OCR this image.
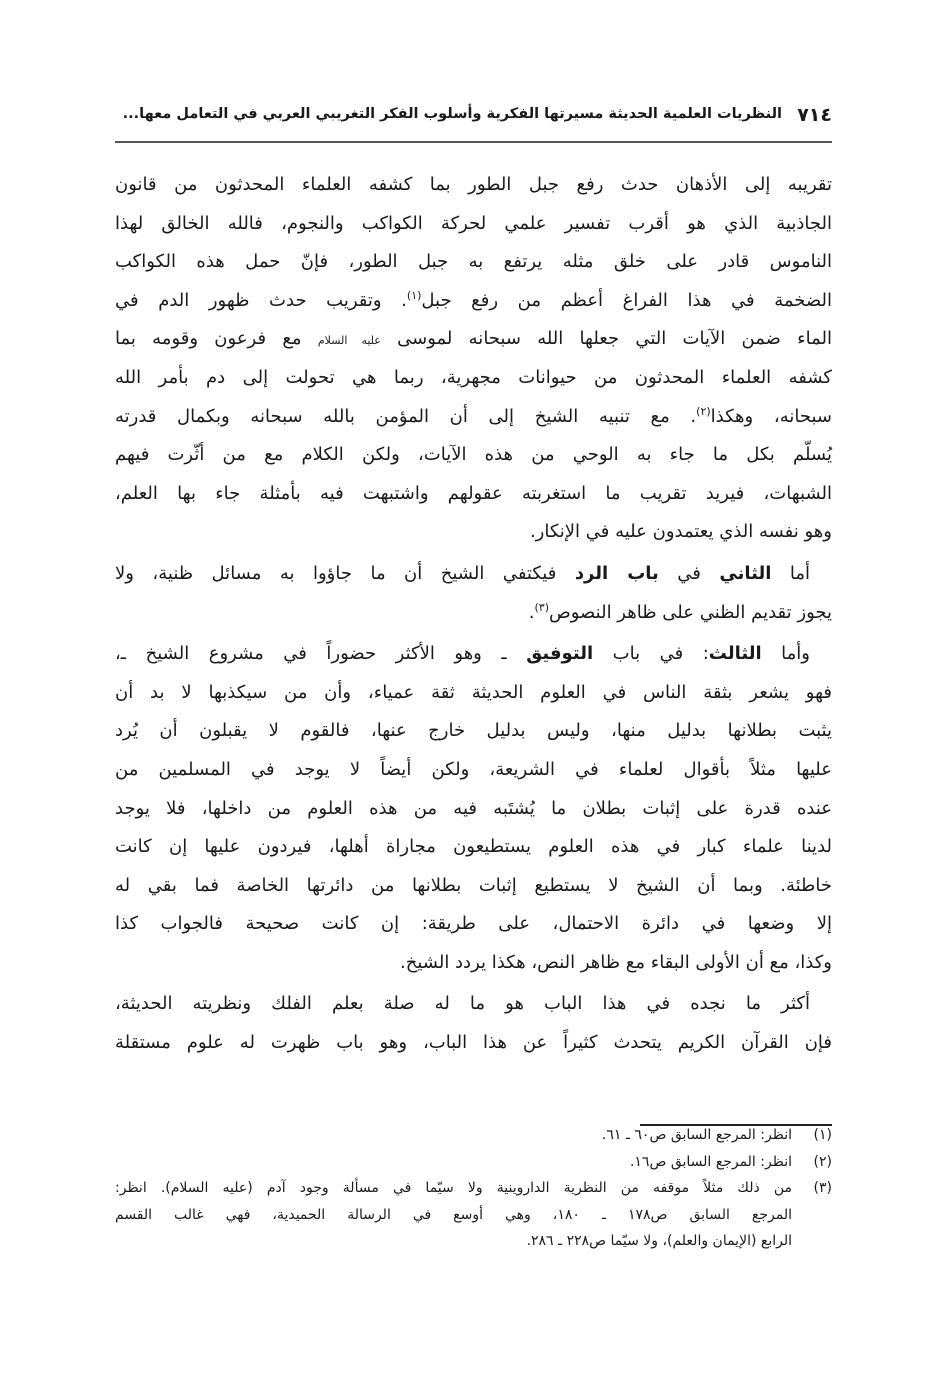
٧١٤
النظريات العلمية الحديثة مسيرتها الفكرية وأسلوب الفكر التغريبي العربي في التعامل معها...
تقريبه إلى الأذهان حدث رفع جبل الطور بما كشفه العلماء المحدثون من قانون
الجاذبية الذي هو أقرب تفسير علمي لحركة الكواكب والنجوم، فالله الخالق لهذا
الناموس قادر على خلق مثله يرتفع به جبل الطور، فإنّ حمل هذه الكواكب
الضخمة في هذا الفراغ أعظم من رفع جبل$^{(١)}$. وتقريب حدث ظهور الدم في
الماء ضمن الآيات التي جعلها الله سبحانه لموسى عليه السلام مع فرعون وقومه بما
كشفه العلماء المحدثون من حيوانات مجهرية، ربما هي تحولت إلى دم بأمر الله
سبحانه، وهكذا$^{(٢)}$. مع تنبيه الشيخ إلى أن المؤمن بالله سبحانه وبكمال قدرته
يُسلّم بكل ما جاء به الوحي من هذه الآيات، ولكن الكلام مع من أثّرت فيهم
الشبهات، فيريد تقريب ما استغربته عقولهم واشتبهت فيه بأمثلة جاء بها العلم،
وهو نفسه الذي يعتمدون عليه في الإنكار.
أما الثاني في باب الرد فيكتفي الشيخ أن ما جاؤوا به مسائل ظنية، ولا
يجوز تقديم الظني على ظاهر النصوص$^{(٣)}$.
وأما الثالث: في باب التوفيق ـ وهو الأكثر حضوراً في مشروع الشيخ ـ،
فهو يشعر بثقة الناس في العلوم الحديثة ثقة عمياء، وأن من سيكذبها لا بد أن
يثبت بطلانها بدليل منها، وليس بدليل خارج عنها، فالقوم لا يقبلون أن يُرد
عليها مثلاً بأقوال لعلماء في الشريعة، ولكن أيضاً لا يوجد في المسلمين من
عنده قدرة على إثبات بطلان ما يُشتَبه فيه من هذه العلوم من داخلها، فلا يوجد
لدينا علماء كبار في هذه العلوم يستطيعون مجاراة أهلها، فيردون عليها إن كانت
خاطئة. وبما أن الشيخ لا يستطيع إثبات بطلانها من دائرتها الخاصة فما بقي له
إلا وضعها في دائرة الاحتمال، على طريقة: إن كانت صحيحة فالجواب كذا
وكذا، مع أن الأولى البقاء مع ظاهر النص، هكذا يردد الشيخ.
أكثر ما نجده في هذا الباب هو ما له صلة بعلم الفلك ونظريته الحديثة،
فإن القرآن الكريم يتحدث كثيراً عن هذا الباب، وهو باب ظهرت له علوم مستقلة
(١)
انظر: المرجع السابق ص٦٠ ـ ٦١.
(٢)
انظر: المرجع السابق ص١٦.
(٣)
من ذلك مثلاً موقفه من النظرية الداروينية ولا سيّما في مسألة وجود آدم (عليه السلام). انظر:
المرجع السابق ص١٧٨ ـ ١٨٠، وهي أوسع في الرسالة الحميدية، فهي غالب القسم
الرابع (الإيمان والعلم)، ولا سيّما ص٢٢٨ ـ ٢٨٦.
